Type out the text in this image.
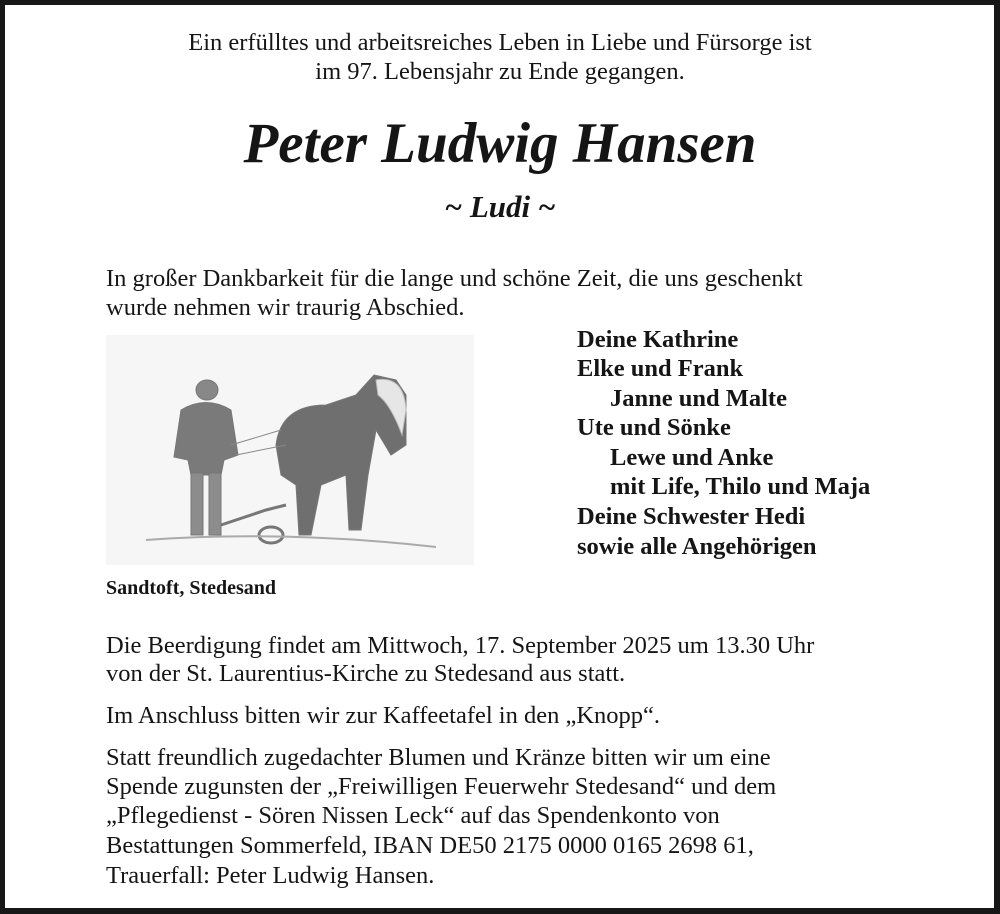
Ein erfülltes und arbeitsreiches Leben in Liebe und Fürsorge ist
im 97. Lebensjahr zu Ende gegangen.
Peter Ludwig Hansen
~ Ludi ~
In großer Dankbarkeit für die lange und schöne Zeit, die uns geschenkt
wurde nehmen wir traurig Abschied.
Deine Kathrine
Elke und Frank
Janne und Malte
Ute und Sönke
Lewe und Anke
mit Life, Thilo und Maja
Deine Schwester Hedi
sowie alle Angehörigen
Sandtoft, Stedesand
Die Beerdigung findet am Mittwoch, 17. September 2025 um 13.30 Uhr
von der St. Laurentius-Kirche zu Stedesand aus statt.
Im Anschluss bitten wir zur Kaffeetafel in den „Knopp“.
Statt freundlich zugedachter Blumen und Kränze bitten wir um eine
Spende zugunsten der „Freiwilligen Feuerwehr Stedesand“ und dem
„Pflegedienst - Sören Nissen Leck“ auf das Spendenkonto von
Bestattungen Sommerfeld, IBAN DE50 2175 0000 0165 2698 61,
Trauerfall: Peter Ludwig Hansen.
